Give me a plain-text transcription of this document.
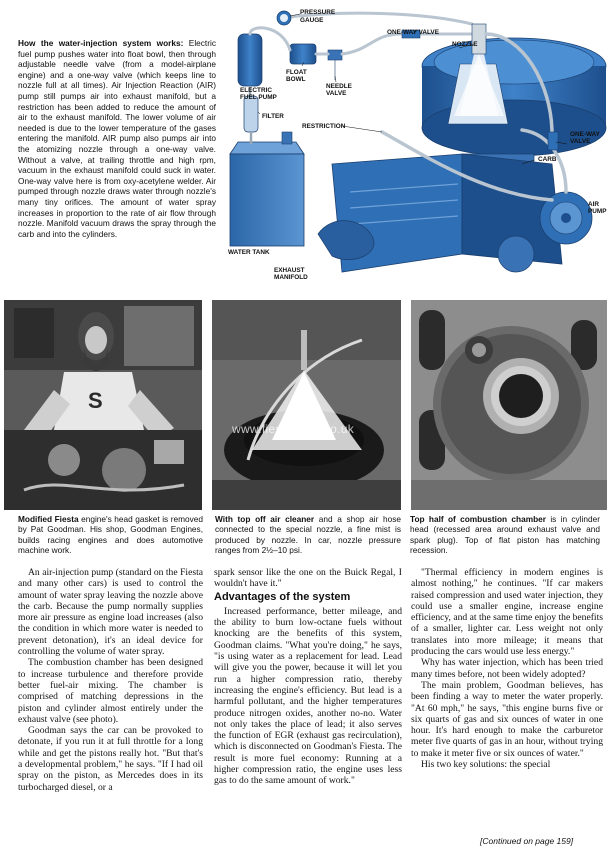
How the water-injection system works: Electric fuel pump pushes water into float bowl, then through adjustable needle valve (from a model-airplane engine) and a one-way valve (which keeps line to nozzle full at all times). Air Injection Reaction (AIR) pump still pumps air into exhaust manifold, but a restriction has been added to reduce the amount of air to the exhaust manifold. The lower volume of air needed is due to the lower temperature of the gases entering the manifold. AIR pump also pumps air into the atomizing nozzle through a one-way valve. Without a valve, at trailing throttle and high rpm, vacuum in the exhaust manifold could suck in water. One-way valve here is from oxy-acetylene welder. Air pumped through nozzle draws water through nozzle's many tiny orifices. The amount of water spray increases in proportion to the rate of air flow through nozzle. Manifold vacuum draws the spray through the carb and into the cylinders.
PRESSURE
GAUGE
ONE-WAY VALVE
NOZZLE
FLOAT
BOWL
ELECTRIC
FUEL PUMP
NEEDLE
VALVE
FILTER
RESTRICTION
ONE-WAY
VALVE
CARB
AIR
PUMP
WATER TANK
EXHAUST
MANIFOLD
S
www.fiesta-mk1.co.uk
Modified Fiesta engine's head gasket is removed by Pat Goodman. His shop, Goodman Engines, builds racing engines and does automotive machine work.
With top off air cleaner and a shop air hose connected to the special nozzle, a fine mist is produced by nozzle. In car, nozzle pressure ranges from 2½–10 psi.
Top half of combustion chamber is in cylinder head (recessed area around exhaust valve and spark plug). Top of flat piston has matching recession.

An air-injection pump (standard on the Fiesta and many other cars) is used to control the amount of water spray leaving the nozzle above the carb. Because the pump normally supplies more air pressure as engine load increases (also the condition in which more water is needed to prevent detonation), it's an ideal device for controlling the volume of water spray.

The combustion chamber has been designed to increase turbulence and therefore provide better fuel-air mixing. The chamber is comprised of matching depressions in the piston and cylinder almost entirely under the exhaust valve (see photo).

Goodman says the car can be provoked to detonate, if you run it at full throttle for a long while and get the pistons really hot. "But that's a developmental problem," he says. "If I had oil spray on the piston, as Mercedes does in its turbocharged diesel, or a

spark sensor like the one on the Buick Regal, I wouldn't have it."

Advantages of the system

Increased performance, better mileage, and the ability to burn low-octane fuels without knocking are the benefits of this system, Goodman claims. "What you're doing," he says, "is using water as a replacement for lead. Lead will give you the power, because it will let you run a higher compression ratio, thereby increasing the engine's efficiency. But lead is a harmful pollutant, and the higher temperatures produce nitrogen oxides, another no-no. Water not only takes the place of lead; it also serves the function of EGR (exhaust gas recirculation), which is disconnected on Goodman's Fiesta. The result is more fuel economy: Running at a higher compression ratio, the engine uses less gas to do the same amount of work."

"Thermal efficiency in modern engines is almost nothing," he continues. "If car makers raised compression and used water injection, they could use a smaller engine, increase engine efficiency, and at the same time enjoy the benefits of a smaller, lighter car. Less weight not only translates into more mileage; it means that producing the cars would use less energy."

Why has water injection, which has been tried many times before, not been widely adopted?

The main problem, Goodman believes, has been finding a way to meter the water properly. "At 60 mph," he says, "this engine burns five or six quarts of gas and six ounces of water in one hour. It's hard enough to make the carburetor meter five quarts of gas in an hour, without trying to make it meter five or six ounces of water."

His two key solutions: the special

[Continued on page 159]
